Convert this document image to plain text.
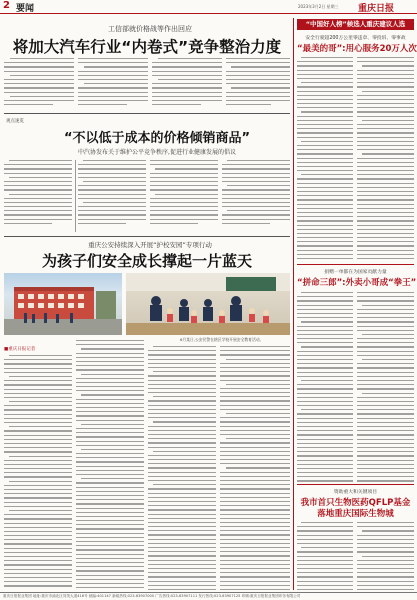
2 要闻	2023年3月2日 星期三 重庆日报
工信部就价格战等作出回应
将加大汽车行业“内卷式”竞争整治力度
观点速览
“不以低于成本的价格倾销商品”
中汽协发布关于维护公平竞争秩序,促进行业健康发展的倡议
重庆公安持续深入开展“护校安园”专项行动
为孩子们安全成长撑起一片蓝天
6月某日,公安民警在辖区学校开展安全教育活动。
■重庆日报记者
“中国好人榜”候选人重庆建议人选
安全行驶超200万公里零违章、零投诉、零事故
“最美的哥”:用心服务20万人次
捐赠一单都在为国家贡献力量
“拼命三郎”:外卖小哥成“拳王”
资助重大和关键项目
我市首只生物医药QFLP基金
落地重庆国际生物城
重庆日报报业集团 地址:重庆市渝北区同茂大道416号 邮编:401147 新闻热线:023-63907000 广告热线:023-63907111 发行热线:023-63907125 印刷:重庆日报报业集团印务有限公司
